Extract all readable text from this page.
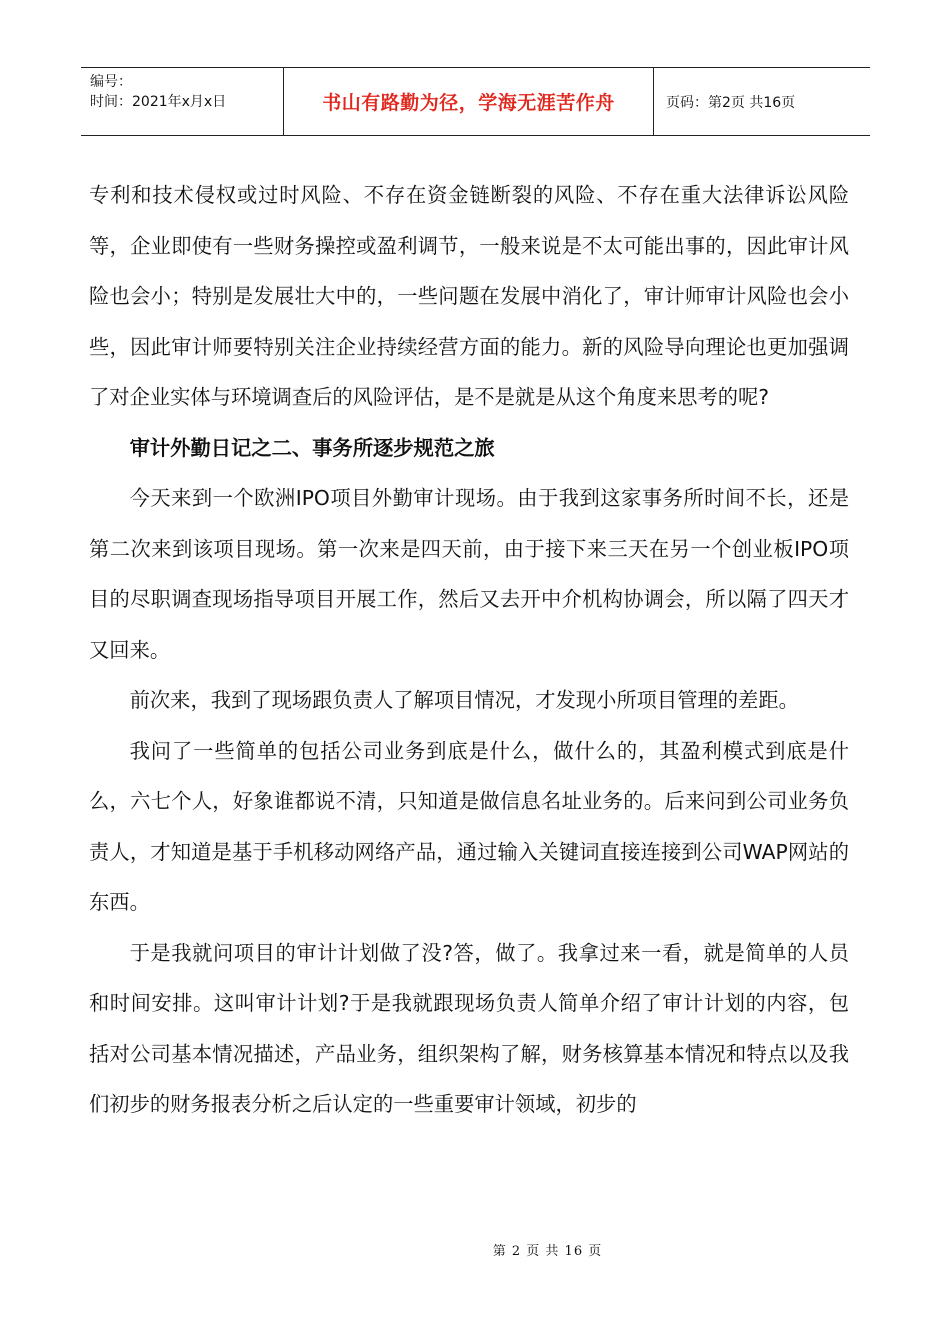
编号：
时间：2021年x月x日	书山有路勤为径，学海无涯苦作舟	页码：第2页 共16页

专利和技术侵权或过时风险、不存在资金链断裂的风险、不存在重大法律诉讼风险等，企业即使有一些财务操控或盈利调节，一般来说是不太可能出事的，因此审计风险也会小；特别是发展壮大中的，一些问题在发展中消化了，审计师审计风险也会小些，因此审计师要特别关注企业持续经营方面的能力。新的风险导向理论也更加强调了对企业实体与环境调查后的风险评估，是不是就是从这个角度来思考的呢?

审计外勤日记之二、事务所逐步规范之旅

今天来到一个欧洲IPO项目外勤审计现场。由于我到这家事务所时间不长，还是第二次来到该项目现场。第一次来是四天前，由于接下来三天在另一个创业板IPO项目的尽职调查现场指导项目开展工作，然后又去开中介机构协调会，所以隔了四天才又回来。

前次来，我到了现场跟负责人了解项目情况，才发现小所项目管理的差距。

我问了一些简单的包括公司业务到底是什么，做什么的，其盈利模式到底是什么，六七个人，好象谁都说不清，只知道是做信息名址业务的。后来问到公司业务负责人，才知道是基于手机移动网络产品，通过输入关键词直接连接到公司WAP网站的东西。

于是我就问项目的审计计划做了没?答，做了。我拿过来一看，就是简单的人员和时间安排。这叫审计计划?于是我就跟现场负责人简单介绍了审计计划的内容，包括对公司基本情况描述，产品业务，组织架构了解，财务核算基本情况和特点以及我们初步的财务报表分析之后认定的一些重要审计领域，初步的

第 2 页 共 16 页
